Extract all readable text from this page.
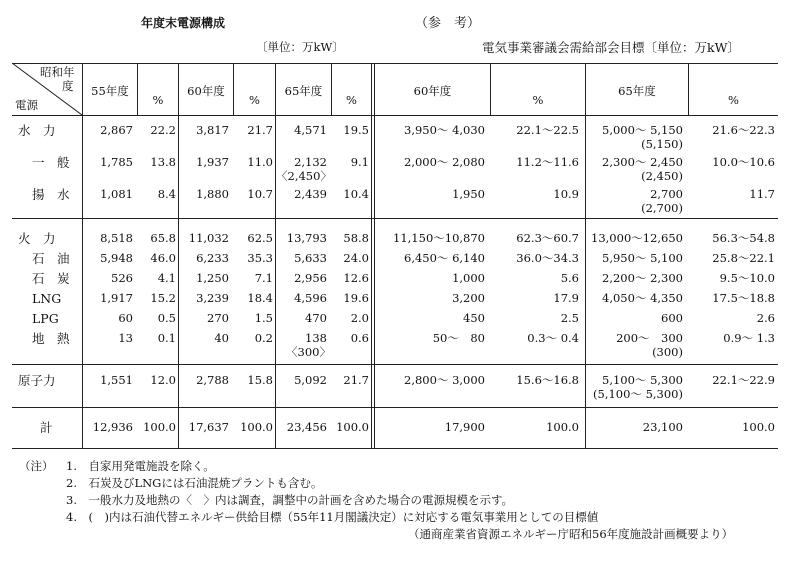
年度末電源構成
〔単位：万kW〕
（参　考）
電気事業審議会需給部会目標〔単位：万kW〕
昭和年
度
電源
55年度
%
60年度
%
65年度
%
60年度
%
65年度
%
水　力	2,867	22.2	3,817	21.7	4,571	19.5	3,950～ 4,030	22.1～22.5	5,000～ 5,150	21.6～22.3
(5,150)
一　般	1,785	13.8	1,937	11.0	2,132	9.1	2,000～ 2,080	11.2～11.6	2,300～ 2,450	10.0～10.6
〈2,450〉	(2,450)
揚　水	1,081	8.4	1,880	10.7	2,439	10.4	1,950	10.9	2,700	11.7
(2,700)
火　力	8,518	65.8	11,032	62.5	13,793	58.8	11,150～10,870	62.3～60.7	13,000～12,650	56.3～54.8
石　油	5,948	46.0	6,233	35.3	5,633	24.0	6,450～ 6,140	36.0～34.3	5,950～ 5,100	25.8～22.1
石　炭	526	4.1	1,250	7.1	2,956	12.6	1,000	5.6	2,200～ 2,300	9.5～10.0
LNG	1,917	15.2	3,239	18.4	4,596	19.6	3,200	17.9	4,050～ 4,350	17.5～18.8
LPG	60	0.5	270	1.5	470	2.0	450	2.5	600	2.6
地　熱	13	0.1	40	0.2	138	0.6	50～　80	0.3～ 0.4	200～　300	0.9～ 1.3
〈300〉	(300)
原子力	1,551	12.0	2,788	15.8	5,092	21.7	2,800～ 3,000	15.6～16.8	5,100～ 5,300	22.1～22.9
(5,100～ 5,300)
計	12,936 100.0	17,637 100.0	23,456 100.0	17,900	100.0	23,100	100.0
（注） 1.　自家用発電施設を除く。
2.　石炭及びLNGには石油混焼プラントも含む。
3.　一般水力及地熱の〈　〉内は調査，調整中の計画を含めた場合の電源規模を示す。
4.　(　)内は石油代替エネルギー供給目標（55年11月閣議決定）に対応する電気事業用としての目標値
（通商産業省資源エネルギー庁昭和56年度施設計画概要より）
